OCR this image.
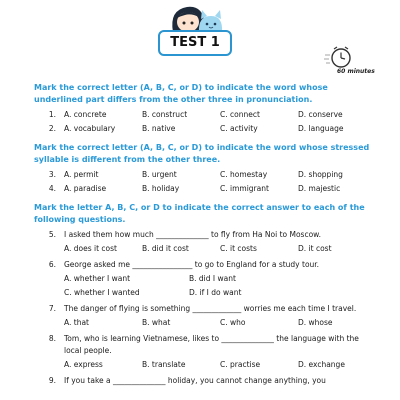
TEST 1
60 minutes
Mark the correct letter (A, B, C, or D) to indicate the word whose underlined part differs from the other three in pronunciation.
1.	A. concrete	B. construct	C. connect	D. conserve
2.	A. vocabulary	B. native	C. activity	D. language
Mark the correct letter (A, B, C, or D) to indicate the word whose stressed syllable is different from the other three.
3.	A. permit	B. urgent	C. homestay	D. shopping
4.	A. paradise	B. holiday	C. immigrant	D. majestic
Mark the letter A, B, C, or D to indicate the correct answer to each of the following questions.
5.	I asked them how much ______________ to fly from Ha Noi to Moscow.
A. does it cost	B. did it cost	C. it costs	D. it cost
6.	George asked me ________________ to go to England for a study tour.
A. whether I want	B. did I want
C. whether I wanted	D. if I do want
7.	The danger of flying is something _____________ worries me each time I travel.
A. that	B. what	C. who	D. whose
8.	Tom, who is learning Vietnamese, likes to ______________ the language with the local people.
A. express	B. translate	C. practise	D. exchange
9.	If you take a ______________ holiday, you cannot change anything, you
